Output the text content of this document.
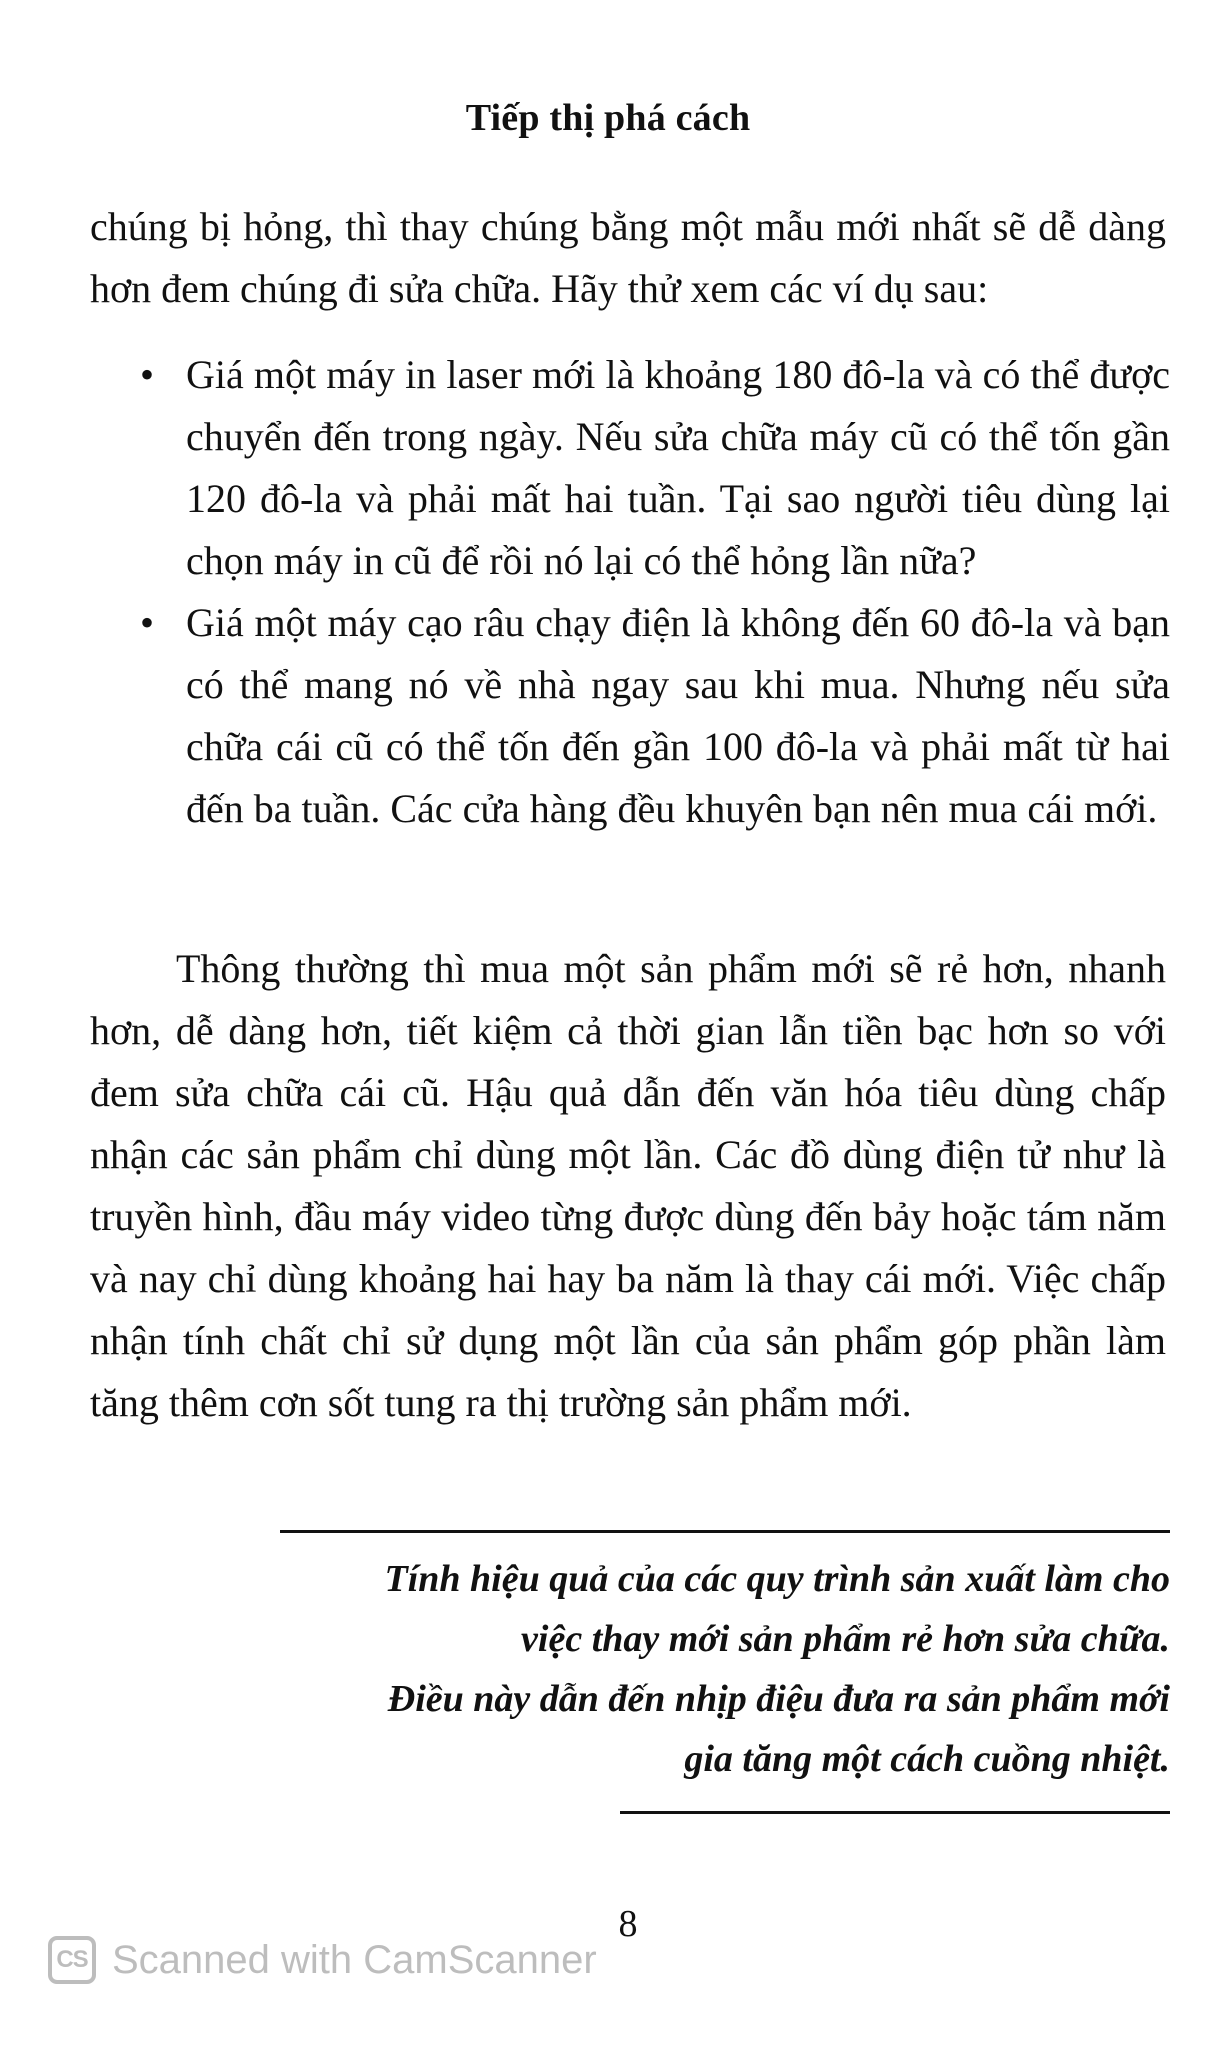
Tiếp thị phá cách
chúng bị hỏng, thì thay chúng bằng một mẫu mới nhất sẽ dễ dàng hơn đem chúng đi sửa chữa. Hãy thử xem các ví dụ sau:
• Giá một máy in laser mới là khoảng 180 đô-la và có thể được chuyển đến trong ngày. Nếu sửa chữa máy cũ có thể tốn gần 120 đô-la và phải mất hai tuần. Tại sao người tiêu dùng lại chọn máy in cũ để rồi nó lại có thể hỏng lần nữa?
• Giá một máy cạo râu chạy điện là không đến 60 đô-la và bạn có thể mang nó về nhà ngay sau khi mua. Nhưng nếu sửa chữa cái cũ có thể tốn đến gần 100 đô-la và phải mất từ hai đến ba tuần. Các cửa hàng đều khuyên bạn nên mua cái mới.
Thông thường thì mua một sản phẩm mới sẽ rẻ hơn, nhanh hơn, dễ dàng hơn, tiết kiệm cả thời gian lẫn tiền bạc hơn so với đem sửa chữa cái cũ. Hậu quả dẫn đến văn hóa tiêu dùng chấp nhận các sản phẩm chỉ dùng một lần. Các đồ dùng điện tử như là truyền hình, đầu máy video từng được dùng đến bảy hoặc tám năm và nay chỉ dùng khoảng hai hay ba năm là thay cái mới. Việc chấp nhận tính chất chỉ sử dụng một lần của sản phẩm góp phần làm tăng thêm cơn sốt tung ra thị trường sản phẩm mới.
Tính hiệu quả của các quy trình sản xuất làm cho
việc thay mới sản phẩm rẻ hơn sửa chữa.
Điều này dẫn đến nhịp điệu đưa ra sản phẩm mới
gia tăng một cách cuồng nhiệt.
8
CS Scanned with CamScanner
